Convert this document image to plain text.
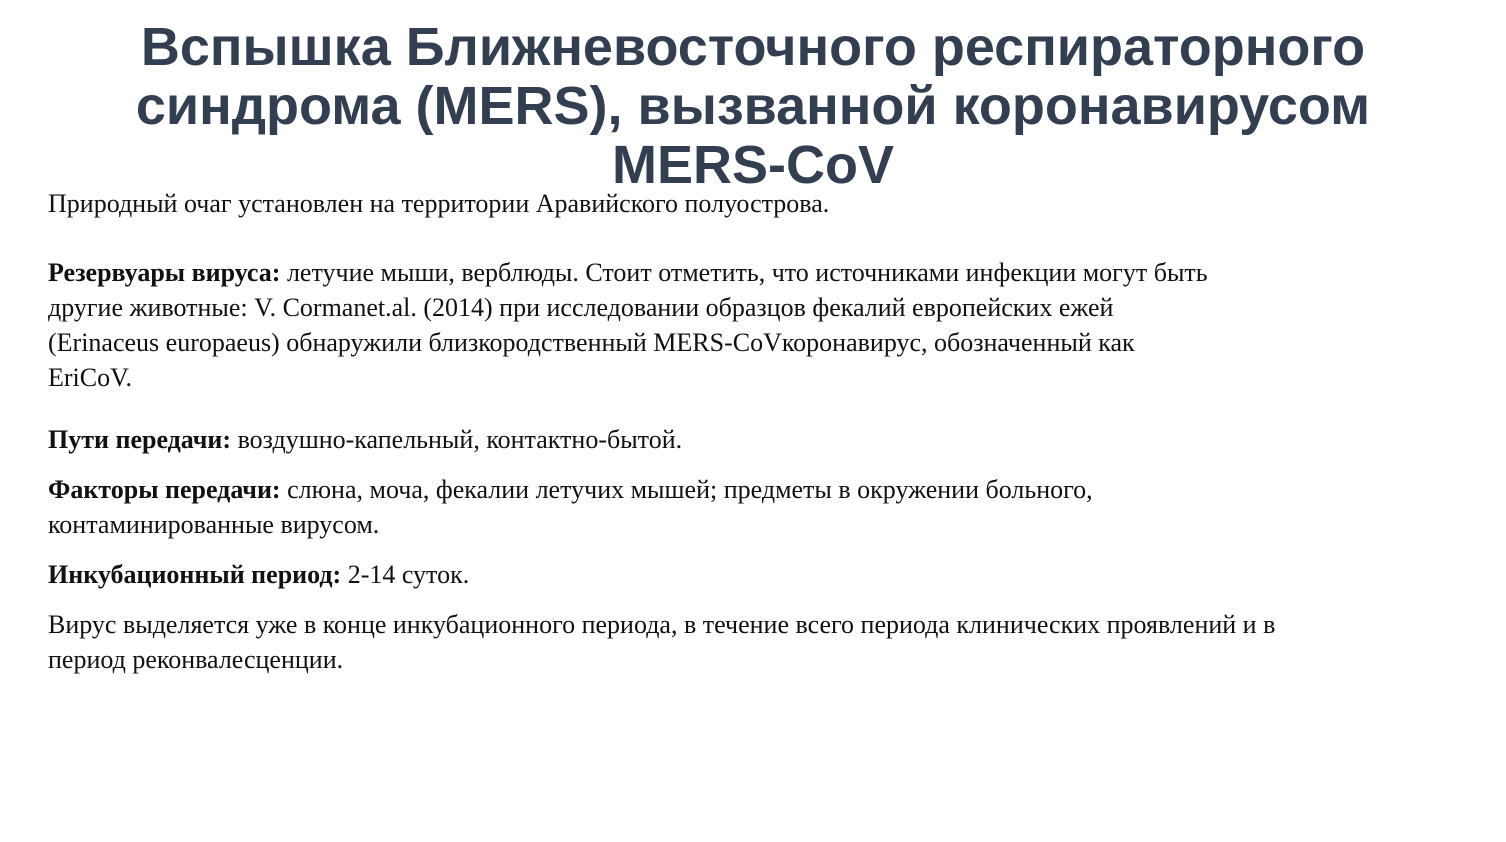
Вспышка Ближневосточного респираторного
синдрома (MERS), вызванной коронавирусом
MERS-CoV

Природный очаг установлен на территории Аравийского полуострова.

Резервуары вируса: летучие мыши, верблюды. Стоит отметить, что источниками инфекции могут быть
другие животные: V. Cormanet.al. (2014) при исследовании образцов фекалий европейских ежей
(Erinaceus europaeus) обнаружили близкородственный MERS-CoVкоронавирус, обозначенный как
EriCoV.

Пути передачи: воздушно-капельный, контактно-бытой.

Факторы передачи: слюна, моча, фекалии летучих мышей; предметы в окружении больного,
контаминированные вирусом.

Инкубационный период: 2-14 суток.

Вирус выделяется уже в конце инкубационного периода, в течение всего периода клинических проявлений и в
период реконвалесценции.
